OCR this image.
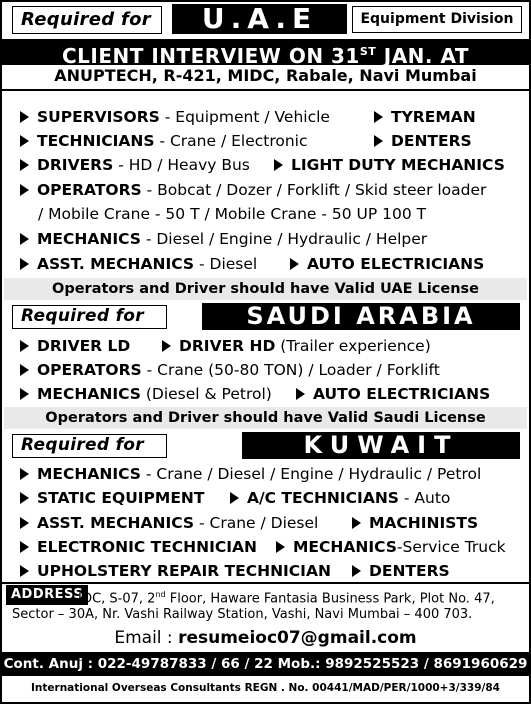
Required for	U.A.E	Equipment Division
CLIENT INTERVIEW ON 31ST JAN. AT
ANUPTECH, R-421, MIDC, Rabale, Navi Mumbai
SUPERVISORS - Equipment / Vehicle	TYREMAN
TECHNICIANS - Crane / Electronic	DENTERS
DRIVERS - HD / Heavy Bus	LIGHT DUTY MECHANICS
OPERATORS - Bobcat / Dozer / Forklift / Skid steer loader
/ Mobile Crane - 50 T / Mobile Crane - 50 UP 100 T
MECHANICS - Diesel / Engine / Hydraulic / Helper
ASST. MECHANICS - Diesel	AUTO ELECTRICIANS
Operators and Driver should have Valid UAE License
Required for	SAUDI ARABIA
DRIVER LD	DRIVER HD (Trailer experience)
OPERATORS - Crane (50-80 TON) / Loader / Forklift
MECHANICS (Diesel & Petrol)	AUTO ELECTRICIANS
Operators and Driver should have Valid Saudi License
Required for	KUWAIT
MECHANICS - Crane / Diesel / Engine / Hydraulic / Petrol
STATIC EQUIPMENT	A/C TECHNICIANS - Auto
ASST. MECHANICS - Crane / Diesel	MACHINISTS
ELECTRONIC TECHNICIAN	MECHANICS-Service Truck
UPHOLSTERY REPAIR TECHNICIAN	DENTERS
ADDRESS
IOC, S-07, 2nd Floor, Haware Fantasia Business Park, Plot No. 47,
Sector – 30A, Nr. Vashi Railway Station, Vashi, Navi Mumbai – 400 703.
Email : resumeioc07@gmail.com
Cont. Anuj : 022-49787833 / 66 / 22 Mob.: 9892525523 / 8691960629
International Overseas Consultants REGN . No. 00441/MAD/PER/1000+3/339/84
